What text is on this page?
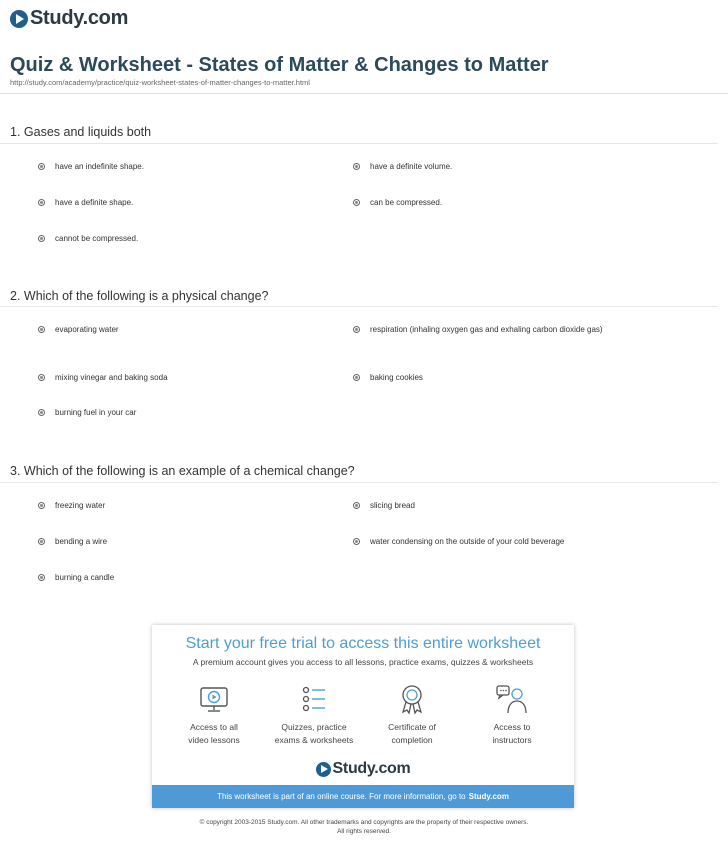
Study.com
Quiz & Worksheet - States of Matter & Changes to Matter
http://study.com/academy/practice/quiz-worksheet-states-of-matter-changes-to-matter.html
1. Gases and liquids both
have an indefinite shape.	have a definite volume.
have a definite shape.	can be compressed.
cannot be compressed.
2. Which of the following is a physical change?
evaporating water	respiration (inhaling oxygen gas and exhaling carbon dioxide gas)
mixing vinegar and baking soda	baking cookies
burning fuel in your car
3. Which of the following is an example of a chemical change?
freezing water	slicing bread
bending a wire	water condensing on the outside of your cold beverage
burning a candle
Start your free trial to access this entire worksheet
A premium account gives you access to all lessons, practice exams, quizzes & worksheets
Access to all
video lessons
Quizzes, practice
exams & worksheets
Certificate of
completion
Access to
instructors
Study.com
This worksheet is part of an online course. For more information, go to Study.com
© copyright 2003-2015 Study.com. All other trademarks and copyrights are the property of their respective owners.
All rights reserved.
